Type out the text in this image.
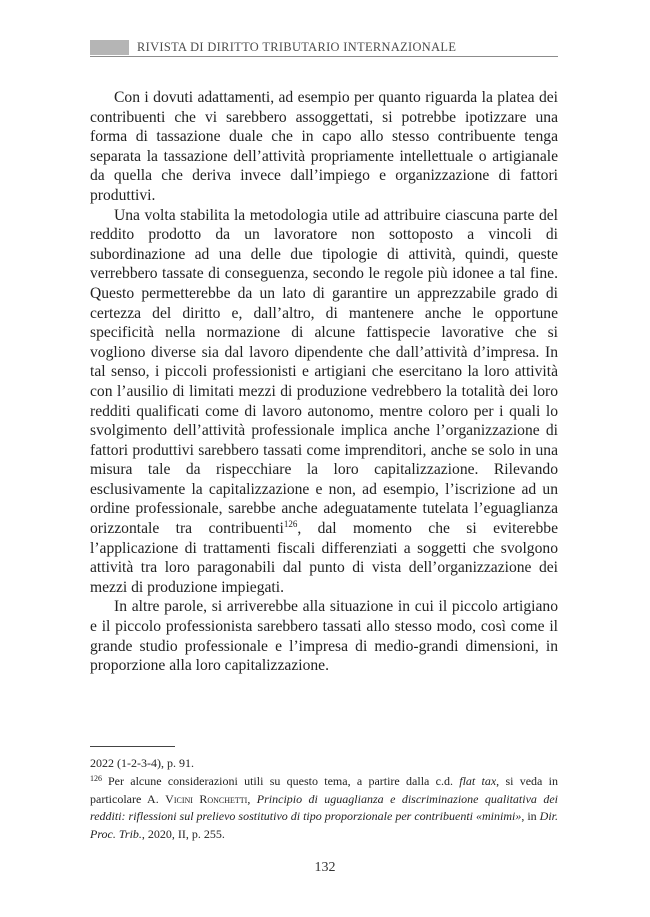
RIVISTA DI DIRITTO TRIBUTARIO INTERNAZIONALE

Con i dovuti adattamenti, ad esempio per quanto riguarda la platea dei contribuenti che vi sarebbero assoggettati, si potrebbe ipotizzare una forma di tassazione duale che in capo allo stesso contribuente tenga separata la tassazione dell’attività propriamente intellettuale o artigianale da quella che deriva invece dall’impiego e organizzazione di fattori produttivi.

Una volta stabilita la metodologia utile ad attribuire ciascuna parte del reddito prodotto da un lavoratore non sottoposto a vincoli di subordinazione ad una delle due tipologie di attività, quindi, queste verrebbero tassate di conseguenza, secondo le regole più idonee a tal fine. Questo permetterebbe da un lato di garantire un apprezzabile grado di certezza del diritto e, dall’altro, di mantenere anche le opportune specificità nella normazione di alcune fattispecie lavorative che si vogliono diverse sia dal lavoro dipendente che dall’attività d’impresa. In tal senso, i piccoli professionisti e artigiani che esercitano la loro attività con l’ausilio di limitati mezzi di produzione vedrebbero la totalità dei loro redditi qualificati come di lavoro autonomo, mentre coloro per i quali lo svolgimento dell’attività professionale implica anche l’organizzazione di fattori produttivi sarebbero tassati come imprenditori, anche se solo in una misura tale da rispecchiare la loro capitalizzazione. Rilevando esclusivamente la capitalizzazione e non, ad esempio, l’iscrizione ad un ordine professionale, sarebbe anche adeguatamente tutelata l’eguaglianza orizzontale tra contribuenti$^{126}$, dal momento che si eviterebbe l’applicazione di trattamenti fiscali differenziati a soggetti che svolgono attività tra loro paragonabili dal punto di vista dell’organizzazione dei mezzi di produzione impiegati.

In altre parole, si arriverebbe alla situazione in cui il piccolo artigiano e il piccolo professionista sarebbero tassati allo stesso modo, così come il grande studio professionale e l’impresa di medio-grandi dimensioni, in proporzione alla loro capitalizzazione.

2022 (1-2-3-4), p. 91.

$^{126}$ Per alcune considerazioni utili su questo tema, a partire dalla c.d. flat tax, si veda in particolare A. Vicini Ronchetti, Principio di uguaglianza e discriminazione qualitativa dei redditi: riflessioni sul prelievo sostitutivo di tipo proporzionale per contribuenti «minimi», in Dir. Proc. Trib., 2020, II, p. 255.

132
